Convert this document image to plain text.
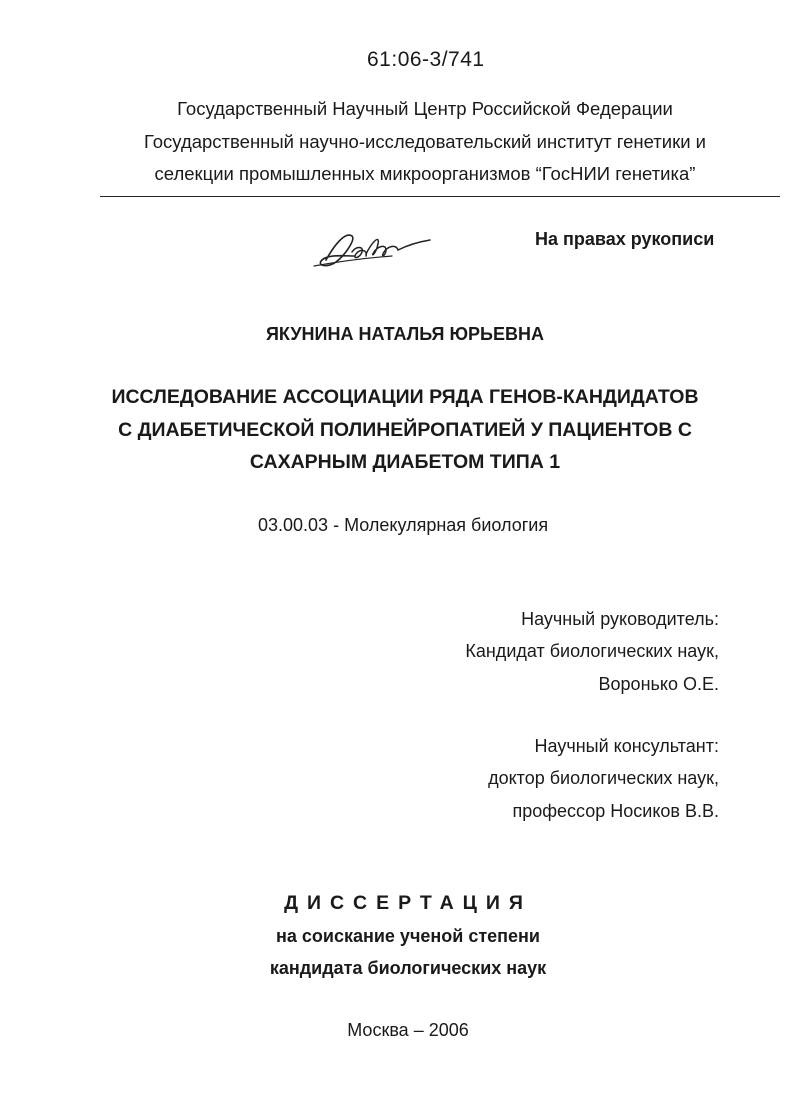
61:06-3/741
Государственный Научный Центр Российской Федерации
Государственный научно-исследовательский институт генетики и
селекции промышленных микроорганизмов “ГосНИИ генетика”
На правах рукописи
ЯКУНИНА НАТАЛЬЯ ЮРЬЕВНА
ИССЛЕДОВАНИЕ АССОЦИАЦИИ РЯДА ГЕНОВ-КАНДИДАТОВ
С ДИАБЕТИЧЕСКОЙ ПОЛИНЕЙРОПАТИЕЙ У ПАЦИЕНТОВ С
САХАРНЫМ ДИАБЕТОМ ТИПА 1
03.00.03 - Молекулярная биология
Научный руководитель:
Кандидат биологических наук,
Воронько О.Е.
Научный консультант:
доктор биологических наук,
профессор Носиков В.В.
ДИССЕРТАЦИЯ
на соискание ученой степени
кандидата биологических наук
Москва – 2006
